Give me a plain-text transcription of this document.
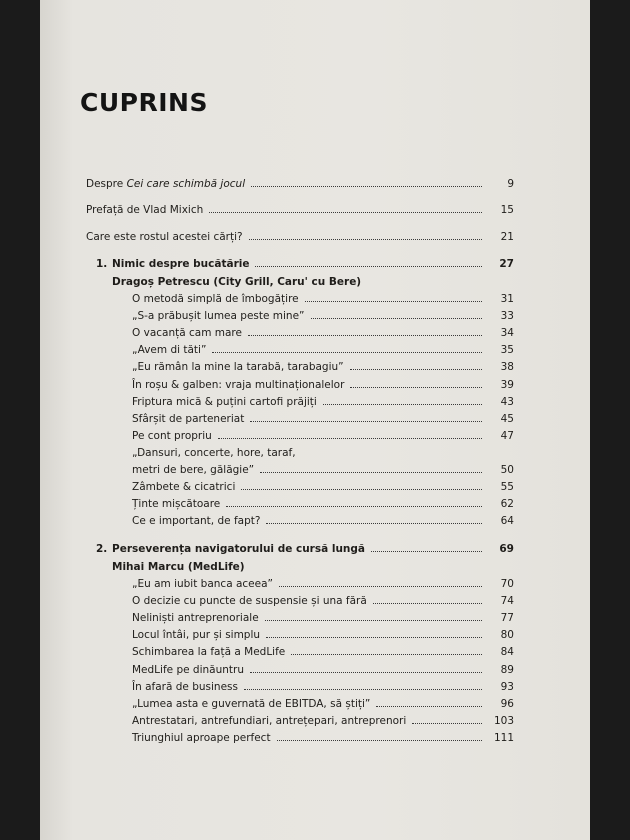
CUPRINS
Despre Cei care schimbă jocul	9
Prefață de Vlad Mixich	15
Care este rostul acestei cărți?	21
1. Nimic despre bucătărie	27
Dragoș Petrescu (City Grill, Caru' cu Bere)
O metodă simplă de îmbogățire	31
„S-a prăbușit lumea peste mine”	33
O vacanță cam mare	34
„Avem di tăti”	35
„Eu rămân la mine la tarabă, tarabagiu”	38
În roșu & galben: vraja multinaționalelor	39
Friptura mică & puțini cartofi prăjiți	43
Sfârșit de parteneriat	45
Pe cont propriu	47
„Dansuri, concerte, hore, taraf,
metri de bere, gălăgie”	50
Zâmbete & cicatrici	55
Ținte mișcătoare	62
Ce e important, de fapt?	64
2. Perseverența navigatorului de cursă lungă	69
Mihai Marcu (MedLife)
„Eu am iubit banca aceea”	70
O decizie cu puncte de suspensie și una fără	74
Neliniști antreprenoriale	77
Locul întâi, pur și simplu	80
Schimbarea la față a MedLife	84
MedLife pe dinăuntru	89
În afară de business	93
„Lumea asta e guvernată de EBITDA, să știți”	96
Antrestatari, antrefundiari, antrețepari, antreprenori	103
Triunghiul aproape perfect	111
